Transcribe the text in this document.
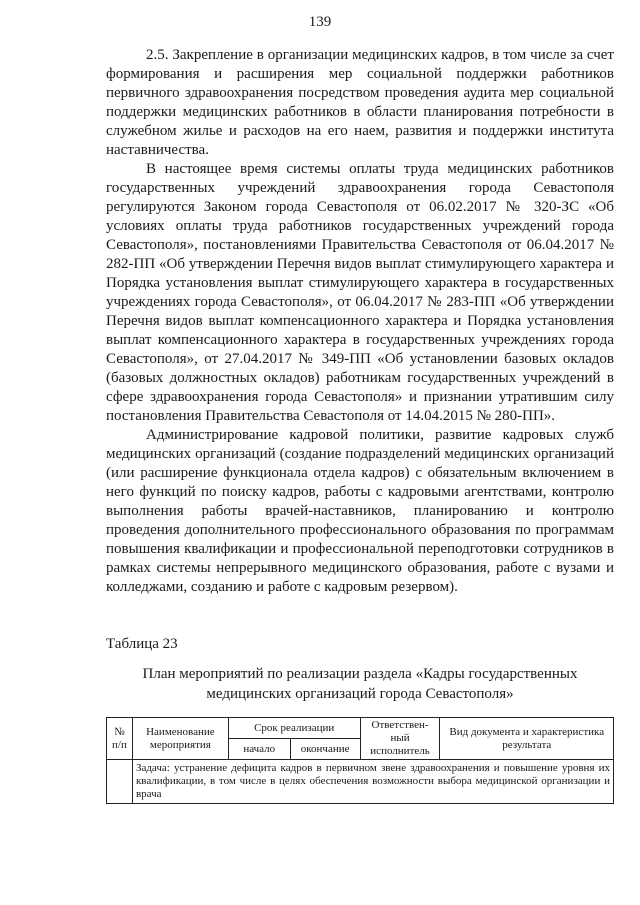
139

2.5. Закрепление в организации медицинских кадров, в том числе за счет формирования и расширения мер социальной поддержки работников первичного здравоохранения посредством проведения аудита мер социальной поддержки медицинских работников в области планирования потребности в служебном жилье и расходов на его наем, развития и поддержки института наставничества.

В настоящее время системы оплаты труда медицинских работников государственных учреждений здравоохранения города Севастополя регулируются Законом города Севастополя от 06.02.2017 № 320-ЗС «Об условиях оплаты труда работников государственных учреждений города Севастополя», постановлениями Правительства Севастополя от 06.04.2017 № 282-ПП «Об утверждении Перечня видов выплат стимулирующего характера и Порядка установления выплат стимулирующего характера в государственных учреждениях города Севастополя», от 06.04.2017 № 283-ПП «Об утверждении Перечня видов выплат компенсационного характера и Порядка установления выплат компенсационного характера в государственных учреждениях города Севастополя», от 27.04.2017 № 349-ПП «Об установлении базовых окладов (базовых должностных окладов) работникам государственных учреждений в сфере здравоохранения города Севастополя» и признании утратившим силу постановления Правительства Севастополя от 14.04.2015 № 280-ПП».

Администрирование кадровой политики, развитие кадровых служб медицинских организаций (создание подразделений медицинских организаций (или расширение функционала отдела кадров) с обязательным включением в него функций по поиску кадров, работы с кадровыми агентствами, контролю выполнения работы врачей-наставников, планированию и контролю проведения дополнительного профессионального образования по программам повышения квалификации и профессиональной переподготовки сотрудников в рамках системы непрерывного медицинского образования, работе с вузами и колледжами, созданию и работе с кадровым резервом).

Таблица 23
План мероприятий по реализации раздела «Кадры государственных медицинских организаций города Севастополя»
№ п/п	Наименование мероприятия	Срок реализации		Ответствен-ный исполнитель	Вид документа и характеристика результата
		начало	окончание		
	Задача: устранение дефицита кадров в первичном звене здравоохранения и повышение уровня их квалификации, в том числе в целях обеспечения возможности выбора медицинской организации и врача				
